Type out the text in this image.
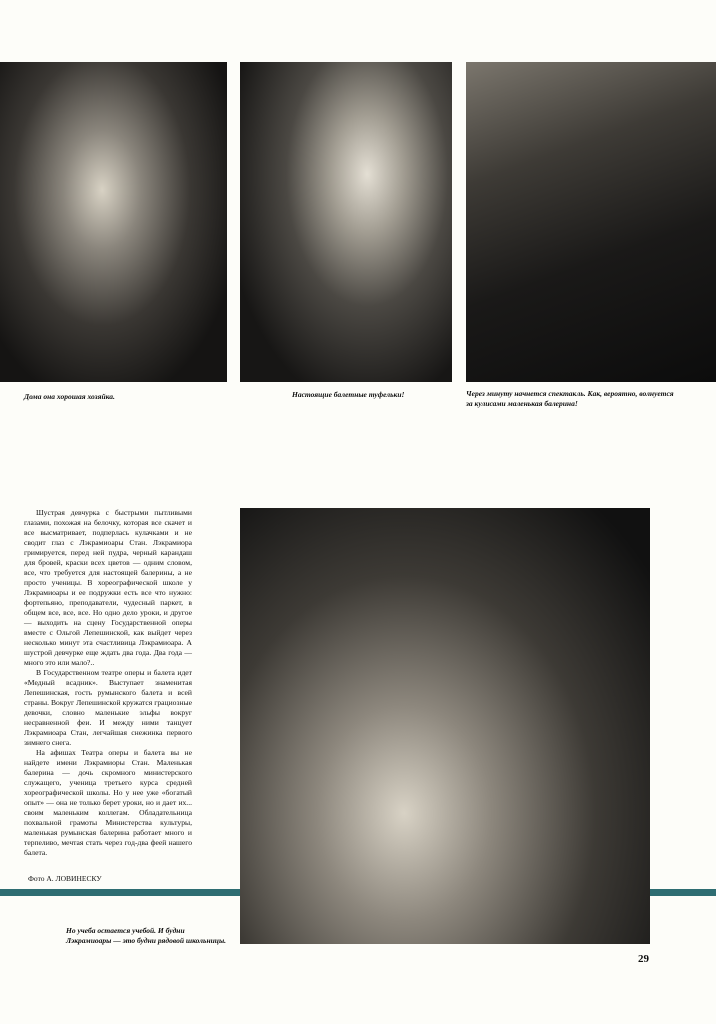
Дома она хорошая хозяйка.	Настоящие балетные туфельки!	Через минуту начнется спектакль. Как, вероятно, волнуется за кулисами маленькая балерина!
Но учеба остается учебой. И будни Лэкрамиоары — это будни рядовой школьницы.

Шустрая девчурка с быстрыми пытливыми глазами, похожая на белочку, которая все скачет и все высматривает, подперлась кулачками и не сводит глаз с Лэкрамиоары Стан. Лэкрамиора гримируется, перед ней пудра, черный карандаш для бровей, краски всех цветов — одним словом, все, что требуется для настоящей балерины, а не просто ученицы. В хореографической школе у Лэкрамиоары и ее подружки есть все что нужно: фортепьяно, преподаватели, чудесный паркет, в общем все, все, все. Но одно дело уроки, и другое — выходить на сцену Государственной оперы вместе с Ольгой Лепешинской, как выйдет через несколько минут эта счастливица Лэкрамиоара. А шустрой девчурке еще ждать два года. Два года — много это или мало?..

В Государственном театре оперы и балета идет «Медный всадник». Выступает знаменитая Лепешинская, гость румынского балета и всей страны. Вокруг Лепешинской кружатся грациозные девочки, словно маленькие эльфы вокруг несравненной феи. И между ними танцует Лэкрамиоара Стан, легчайшая снежинка первого зимнего снега.

На афишах Театра оперы и балета вы не найдете имени Лэкрамиоры Стан. Маленькая балерина — дочь скромного министерского служащего, ученица третьего курса средней хореографической школы. Но у нее уже «богатый опыт» — она не только берет уроки, но и дает их... своим маленьким коллегам. Обладательница похвальной грамоты Министерства культуры, маленькая румынская балерина работает много и терпеливо, мечтая стать через год-два феей нашего балета.

Фото А. ЛОВИНЕСКУ
29
